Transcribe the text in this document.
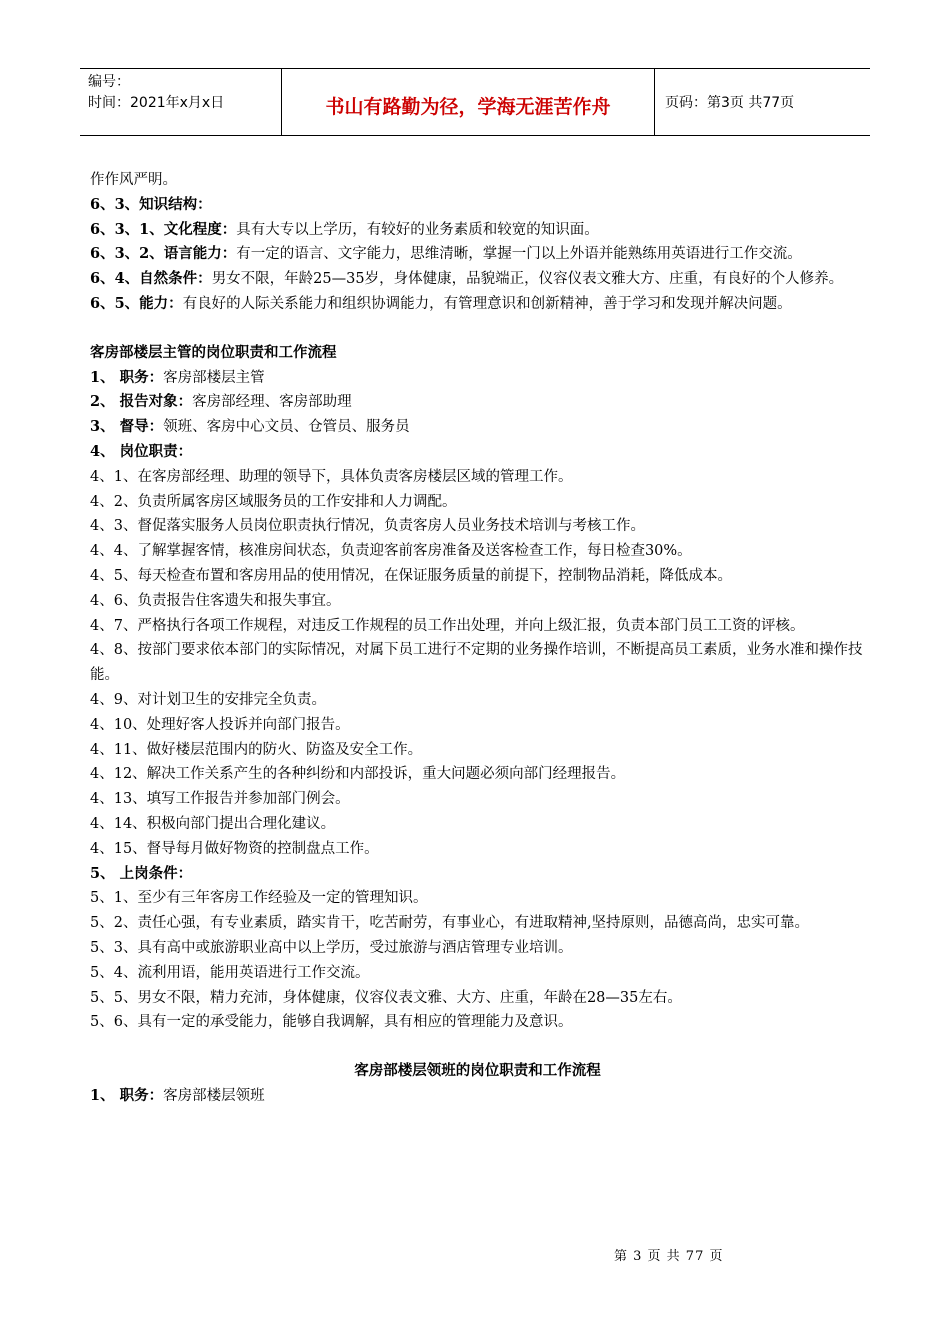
编号：
时间：2021年x月x日	书山有路勤为径，学海无涯苦作舟	页码：第3页 共77页
作作风严明。
6、3、知识结构：
6、3、1、文化程度：具有大专以上学历，有较好的业务素质和较宽的知识面。
6、3、2、语言能力：有一定的语言、文字能力，思维清晰，掌握一门以上外语并能熟练用英语进行工作交流。
6、4、自然条件：男女不限，年龄25—35岁，身体健康，品貌端正，仪容仪表文雅大方、庄重，有良好的个人修养。
6、5、能力：有良好的人际关系能力和组织协调能力，有管理意识和创新精神，善于学习和发现并解决问题。
客房部楼层主管的岗位职责和工作流程
1、 职务：客房部楼层主管
2、 报告对象：客房部经理、客房部助理
3、 督导：领班、客房中心文员、仓管员、服务员
4、 岗位职责：
4、1、在客房部经理、助理的领导下，具体负责客房楼层区域的管理工作。
4、2、负责所属客房区域服务员的工作安排和人力调配。
4、3、督促落实服务人员岗位职责执行情况，负责客房人员业务技术培训与考核工作。
4、4、了解掌握客情，核准房间状态，负责迎客前客房准备及送客检查工作，每日检查30%。
4、5、每天检查布置和客房用品的使用情况，在保证服务质量的前提下，控制物品消耗，降低成本。
4、6、负责报告住客遗失和报失事宜。
4、7、严格执行各项工作规程，对违反工作规程的员工作出处理，并向上级汇报，负责本部门员工工资的评核。
4、8、按部门要求依本部门的实际情况，对属下员工进行不定期的业务操作培训，不断提高员工素质，业务水准和操作技能。
4、9、对计划卫生的安排完全负责。
4、10、处理好客人投诉并向部门报告。
4、11、做好楼层范围内的防火、防盗及安全工作。
4、12、解决工作关系产生的各种纠纷和内部投诉，重大问题必须向部门经理报告。
4、13、填写工作报告并参加部门例会。
4、14、积极向部门提出合理化建议。
4、15、督导每月做好物资的控制盘点工作。
5、 上岗条件：
5、1、至少有三年客房工作经验及一定的管理知识。
5、2、责任心强，有专业素质，踏实肯干，吃苦耐劳，有事业心，有进取精神,坚持原则，品德高尚，忠实可靠。
5、3、具有高中或旅游职业高中以上学历，受过旅游与酒店管理专业培训。
5、4、流利用语，能用英语进行工作交流。
5、5、男女不限，精力充沛，身体健康，仪容仪表文雅、大方、庄重，年龄在28—35左右。
5、6、具有一定的承受能力，能够自我调解，具有相应的管理能力及意识。
客房部楼层领班的岗位职责和工作流程
1、 职务：客房部楼层领班
第 3 页 共 77 页
